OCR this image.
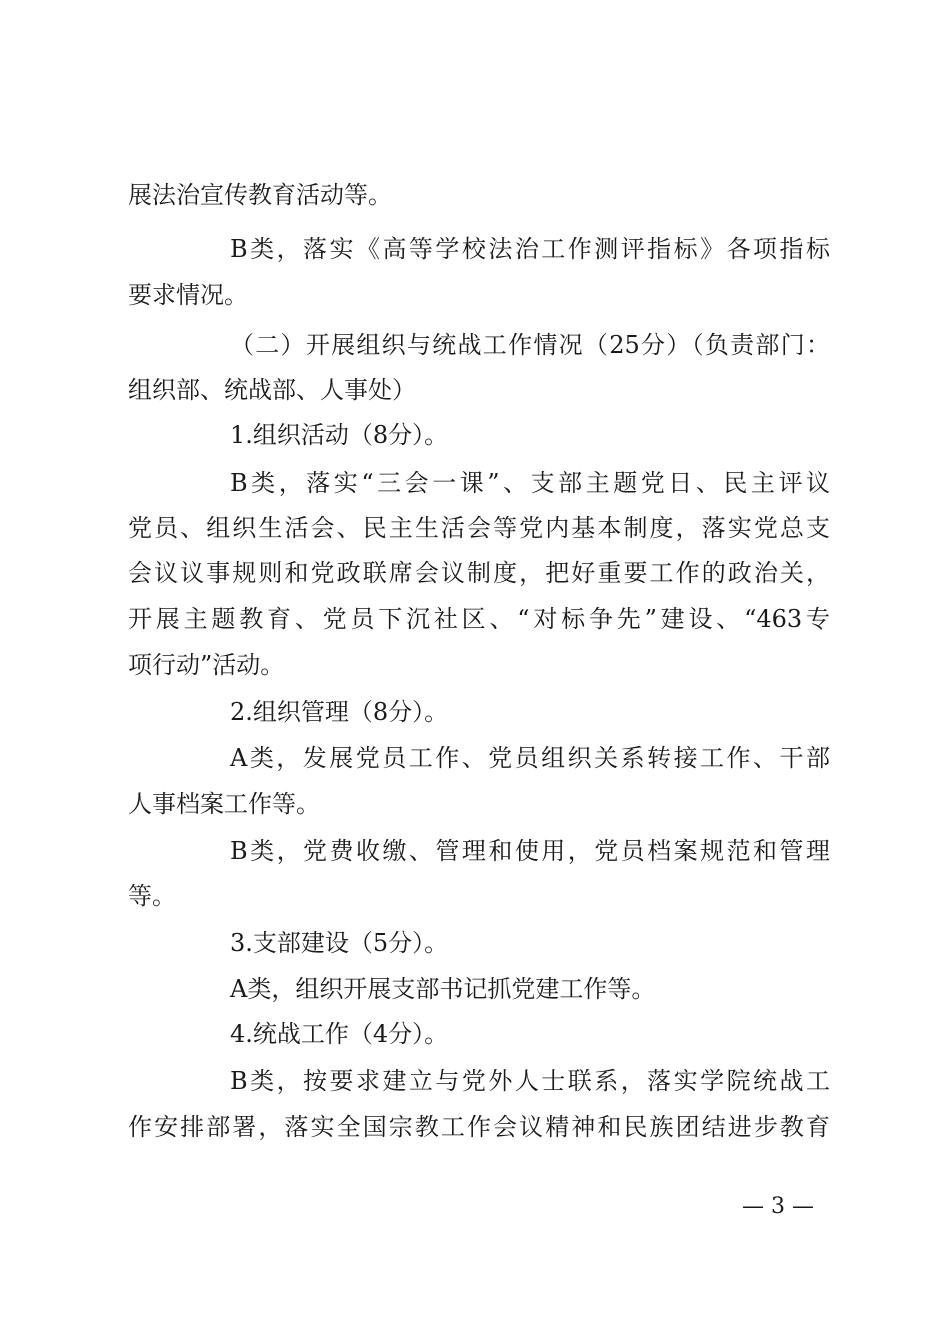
展法治宣传教育活动等。
B类，落实《高等学校法治工作测评指标》各项指标
要求情况。
（二）开展组织与统战工作情况（25分）（负责部门：
组织部、统战部、人事处）
1.组织活动（8分）。
B类，落实“三会一课”、支部主题党日、民主评议
党员、组织生活会、民主生活会等党内基本制度，落实党总支
会议议事规则和党政联席会议制度，把好重要工作的政治关，
开展主题教育、党员下沉社区、“对标争先”建设、“463专
项行动”活动。
2.组织管理（8分）。
A类，发展党员工作、党员组织关系转接工作、干部
人事档案工作等。
B类，党费收缴、管理和使用，党员档案规范和管理
等。
3.支部建设（5分）。
A类，组织开展支部书记抓党建工作等。
4.统战工作（4分）。
B类，按要求建立与党外人士联系，落实学院统战工
作安排部署，落实全国宗教工作会议精神和民族团结进步教育
— 3 —
